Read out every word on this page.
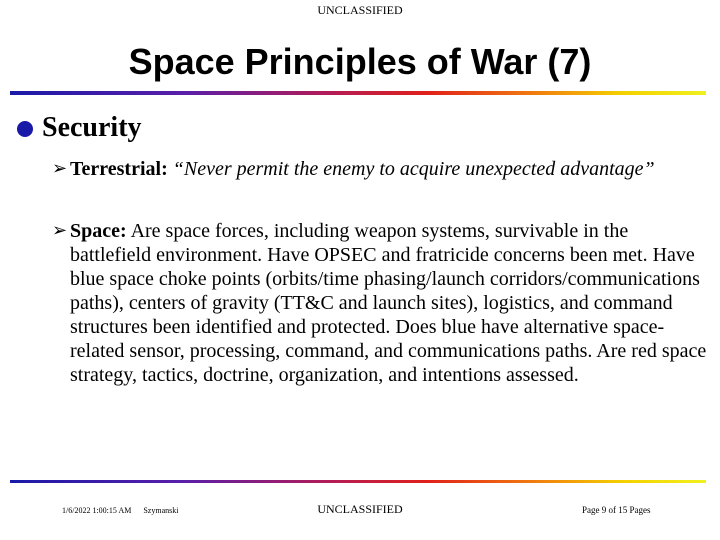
UNCLASSIFIED
Space Principles of War (7)
Security
➢ Terrestrial: “Never permit the enemy to acquire unexpected advantage”
➢ Space: Are space forces, including weapon systems, survivable in the battlefield environment. Have OPSEC and fratricide concerns been met. Have blue space choke points (orbits/time phasing/launch corridors/communications paths), centers of gravity (TT&C and launch sites), logistics, and command structures been identified and protected. Does blue have alternative space-related sensor, processing, command, and communications paths. Are red space strategy, tactics, doctrine, organization, and intentions assessed.
1/6/2022 1:00:15 AM Szymanski	UNCLASSIFIED	Page 9 of 15 Pages
